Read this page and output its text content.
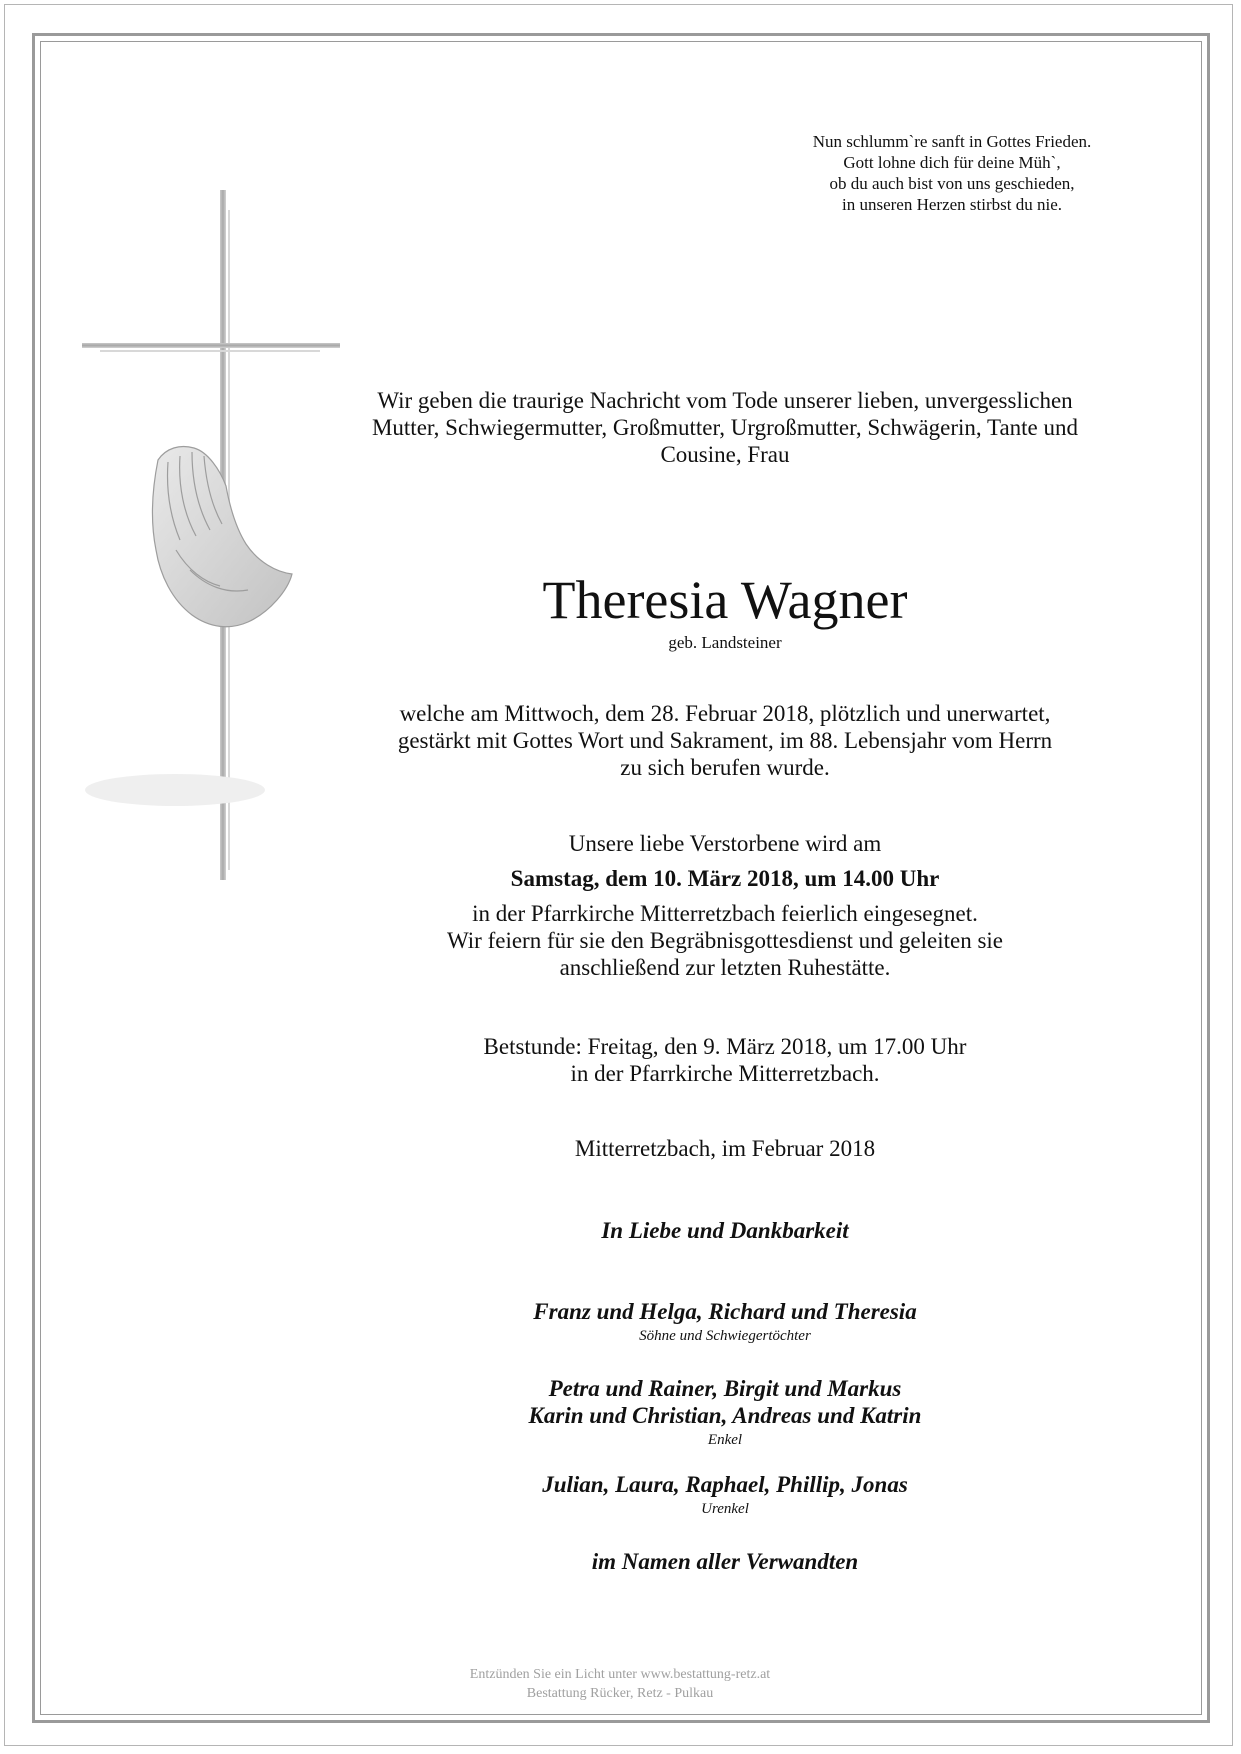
Nun schlumm`re sanft in Gottes Frieden.
Gott lohne dich für deine Müh`,
ob du auch bist von uns geschieden,
in unseren Herzen stirbst du nie.
Wir geben die traurige Nachricht vom Tode unserer lieben, unvergesslichen
Mutter, Schwiegermutter, Großmutter, Urgroßmutter, Schwägerin, Tante und
Cousine, Frau
Theresia Wagner
geb. Landsteiner
welche am Mittwoch, dem 28. Februar 2018, plötzlich und unerwartet,
gestärkt mit Gottes Wort und Sakrament, im 88. Lebensjahr vom Herrn
zu sich berufen wurde.
Unsere liebe Verstorbene wird am
Samstag, dem 10. März 2018, um 14.00 Uhr
in der Pfarrkirche Mitterretzbach feierlich eingesegnet.
Wir feiern für sie den Begräbnisgottesdienst und geleiten sie
anschließend zur letzten Ruhestätte.
Betstunde: Freitag, den 9. März 2018, um 17.00 Uhr
in der Pfarrkirche Mitterretzbach.
Mitterretzbach, im Februar 2018
In Liebe und Dankbarkeit
Franz und Helga, Richard und Theresia
Söhne und Schwiegertöchter
Petra und Rainer, Birgit und Markus
Karin und Christian, Andreas und Katrin
Enkel
Julian, Laura, Raphael, Phillip, Jonas
Urenkel
im Namen aller Verwandten
Entzünden Sie ein Licht unter www.bestattung-retz.at
Bestattung Rücker, Retz - Pulkau
